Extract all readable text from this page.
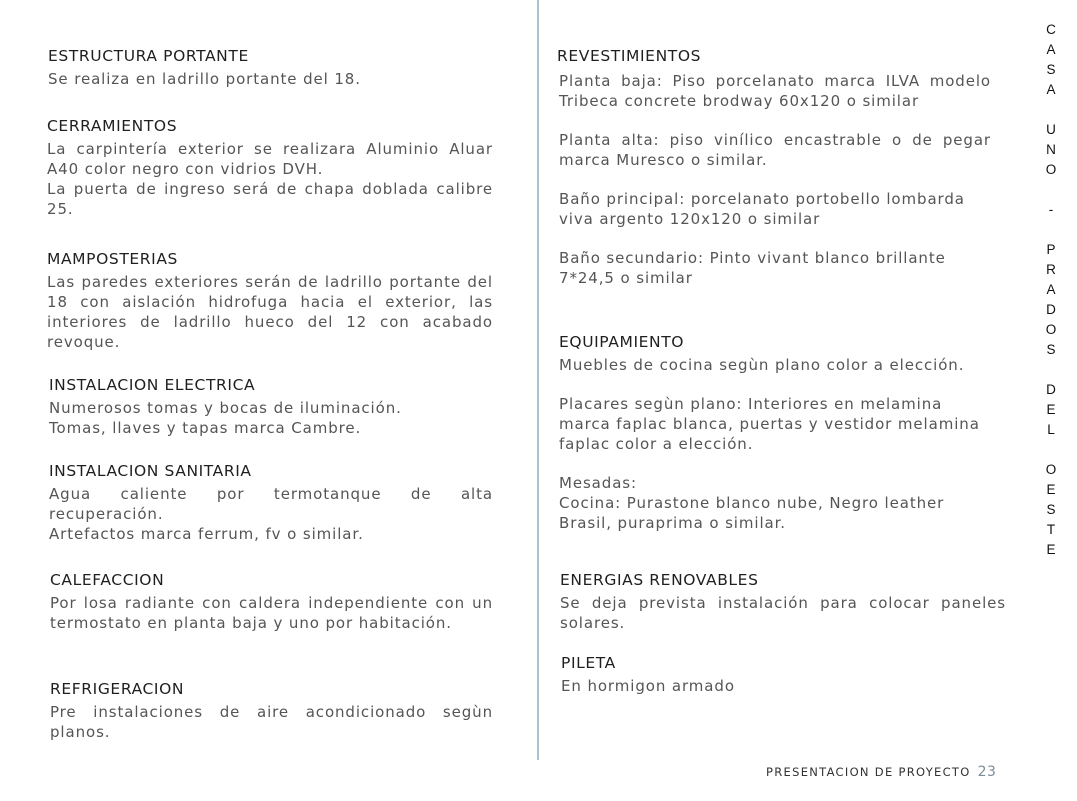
ESTRUCTURA PORTANTE

Se realiza en ladrillo portante del 18.

CERRAMIENTOS

La carpintería exterior se realizara Aluminio Aluar A40 color negro con vidrios DVH.

La puerta de ingreso será de chapa doblada calibre 25.

MAMPOSTERIAS

Las paredes exteriores serán de ladrillo portante del 18 con aislación hidrofuga hacia el exterior, las interiores de ladrillo hueco del 12 con acabado revoque.

INSTALACION ELECTRICA

Numerosos tomas y bocas de iluminación.

Tomas, llaves y tapas marca Cambre.

INSTALACION SANITARIA

Agua caliente por termotanque de alta recuperación.

Artefactos marca ferrum, fv o similar.

CALEFACCION

Por losa radiante con caldera independiente con un termostato en planta baja y uno por habitación.

REFRIGERACION

Pre instalaciones de aire acondicionado segùn planos.

REVESTIMIENTOS

Planta baja: Piso porcelanato marca ILVA modelo Tribeca concrete brodway 60x120 o similar

Planta alta: piso vinílico encastrable o de pegar marca Muresco o similar.

Baño principal: porcelanato portobello lombarda viva argento 120x120 o similar

Baño secundario: Pinto vivant blanco brillante 7*24,5 o similar

EQUIPAMIENTO

Muebles de cocina segùn plano color a elección.

Placares segùn plano: Interiores en melamina marca faplac blanca, puertas y vestidor melamina faplac color a elección.

Mesadas:
Cocina: Purastone blanco nube, Negro leather Brasil, puraprima o similar.

ENERGIAS RENOVABLES

Se deja prevista instalación para colocar paneles solares.

PILETA

En hormigon armado

C
A
S
A

U
N
O

-

P
R
A
D
O
S

D
E
L

O
E
S
T
E
PRESENTACION DE PROYECTO 23
